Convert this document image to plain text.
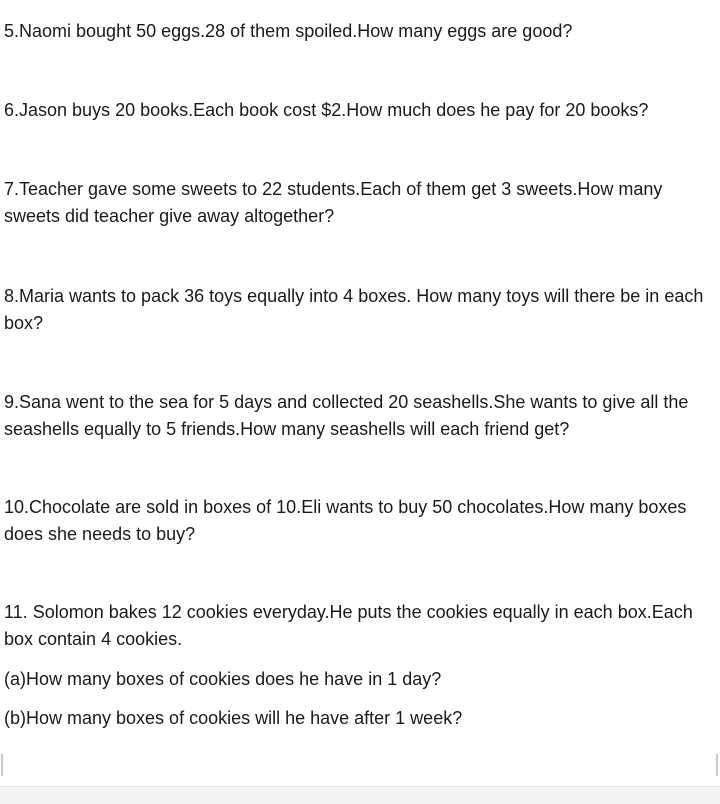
5.Naomi bought 50 eggs.28 of them spoiled.How many eggs are good?

6.Jason buys 20 books.Each book cost $2.How much does he pay for 20 books?

7.Teacher gave some sweets to 22 students.Each of them get 3 sweets.How many sweets did teacher give away altogether?

8.Maria wants to pack 36 toys equally into 4 boxes. How many toys will there be in each box?

9.Sana went to the sea for 5 days and collected 20 seashells.She wants to give all the seashells equally to 5 friends.How many seashells will each friend get?

10.Chocolate are sold in boxes of 10.Eli wants to buy 50 chocolates.How many boxes does she needs to buy?

11. Solomon bakes 12 cookies everyday.He puts the cookies equally in each box.Each box contain 4 cookies.

(a)How many boxes of cookies does he have in 1 day?

(b)How many boxes of cookies will he have after 1 week?
